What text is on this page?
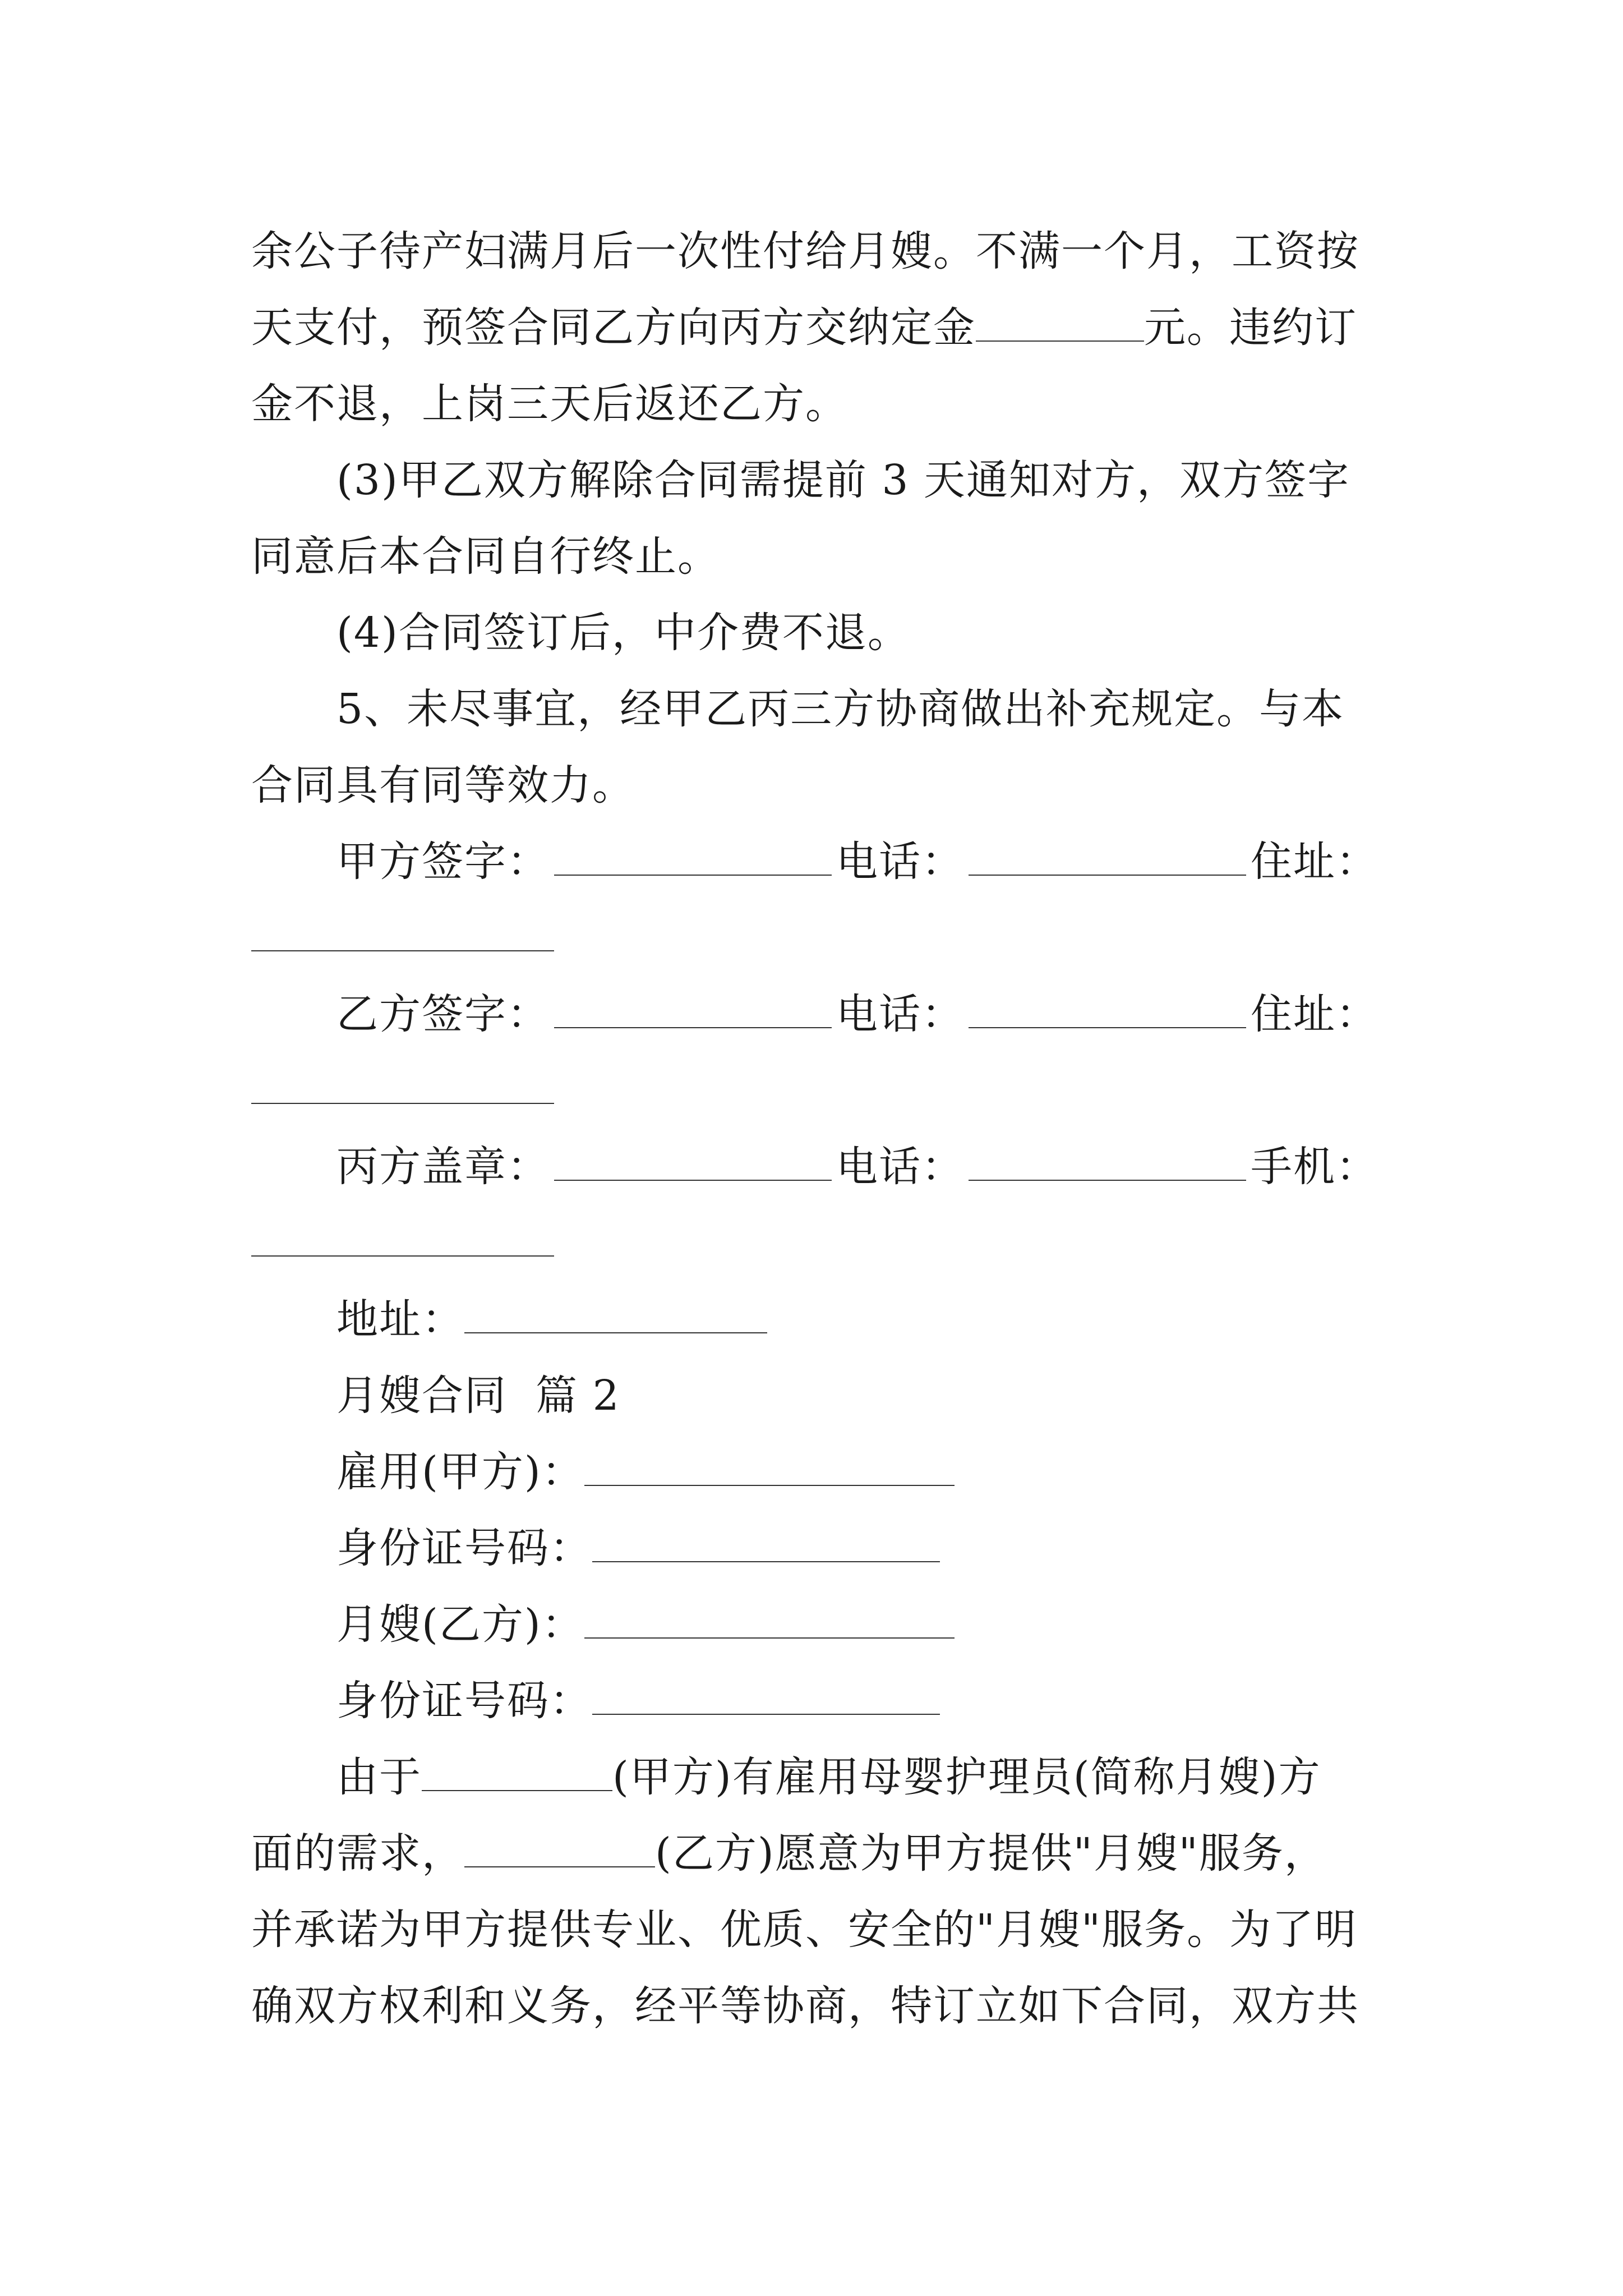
余公子待产妇满月后一次性付给月嫂。不满一个月，工资按
天支付，预签合同乙方向丙方交纳定金	元。违约订
金不退，上岗三天后返还乙方。
(3)甲乙双方解除合同需提前 3 天通知对方，双方签字
同意后本合同自行终止。
(4)合同签订后，中介费不退。
5、未尽事宜，经甲乙丙三方协商做出补充规定。与本
合同具有同等效力。
甲方签字：	电话：	住址：
乙方签字：	电话：	住址：
丙方盖章：	电话：	手机：
地址：
月嫂合同  篇 2
雇用(甲方)：
身份证号码：
月嫂(乙方)：
身份证号码：
由于	(甲方)有雇用母婴护理员(简称月嫂)方
面的需求，	(乙方)愿意为甲方提供"月嫂"服务，
并承诺为甲方提供专业、优质、安全的"月嫂"服务。为了明
确双方权利和义务，经平等协商，特订立如下合同，双方共
